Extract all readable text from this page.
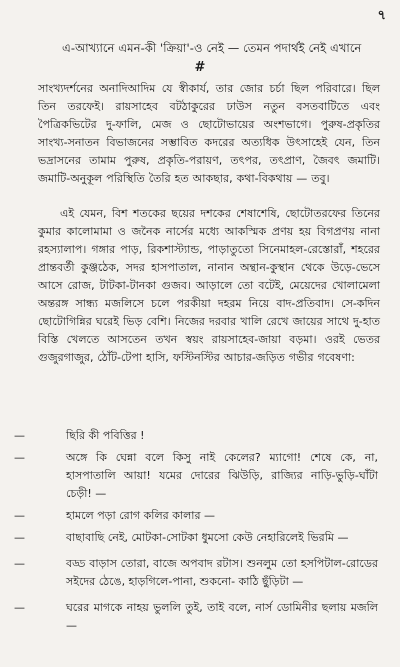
৭
এ-আখ্যানে এমন-কী 'ক্রিয়া'-ও নেই — তেমন পদার্থই নেই এখানে
#
সাংখ্যদর্শনের অনাদিআদিম যে স্বীকার্য, তার জোর চর্চা ছিল পরিবারে। ছিল তিন তরফেই। রায়সাহেব বটঠাকুরের ঢাউস নতুন বসতবাটিতে এবং পৈত্রিকভিটের দু-ফালি, মেজ ও ছোটোভায়ের অংশভাগে। পুরুষ-প্রকৃতির সাংখ্য-সনাতন বিভাজনের সম্ভাবিত কদরের অত্যধিক উৎসাহেই যেন, তিন ভদ্রাসনের তামাম পুরুষ, প্রকৃতি-পরায়ণ, তৎপর, তৎপ্রাণ, জৈবৎ জমাটি। জমাটি-অনুকূল পরিস্থিতি তৈরি হত আকছার, কথা-বিকথায় — তবু।
এই যেমন, বিশ শতকের ছয়ের দশকের শেষাশেষি, ছোটোতরফের তিনের কুমার কালোমামা ও জনৈক নার্সের মধ্যে আকস্মিক প্রণয় হয় বিগপ্রণয় নানা রহস্যালাপ। গঙ্গার পাড়, রিকশাস্ট্যান্ড, পাড়াতুতো সিনেমাহল-রেস্তোরাঁ, শহরের প্রান্তবর্তী কুঞ্জঠেক, সদর হাসপাতাল, নানান অন্থান-কুস্থান থেকে উড়ে-ভেসে আসে রোজ, টাটকা-টানকা গুজব। আড়ালে তো বটেই, মেয়েদের খোলামেলা অন্তরঙ্গ সান্ধ্য মজলিসে চলে পরকীয়া দহরম নিয়ে বাদ-প্রতিবাদ। সে-কদিন ছোটোগিন্নির ঘরেই ভিড় বেশি। নিজের দরবার খালি রেখে জায়ের সাথে দু-হাত বিস্তি খেলতে আসতেন তখন স্বয়ং রায়সাহেব-জায়া বড়মা। ওরই ভেতর গুজুরগাজুর, ঠোঁট-টেপা হাসি, ফস্টিনস্টির আচার-জড়িত গভীর গবেষণা:
—	ছিরি কী পবিত্তির !
—	অঙ্গে কি ঘেন্না বলে কিসু নাই কেলের? ম্যাগো! শেষে কে, না, হাসপাতালি আয়া! যমের দোরের ঝিউড়ি, রাজ্যির নাড়ি-ভুড়ি-ঘাঁটা চেড়ী! —
—	হামলে পড়া রোগ কলির কালার —
—	বাছাবাছি নেই, মোটকা-সোটকা ধুমসো কেউ নেহারিলেই ভিরমি —
—	বড্ড বাড়াস তোরা, বাজে অপবাদ রটাস। শুনলুম তো হসপিটাল-রোডের সইদের ঠেঙে, হাড়গিলে-পানা, শুকনো- কাঠি ছুঁড়িটা —
—	ঘরের মাগকে নাহয় ভুললি তুই, তাই বলে, নার্স ডোমিনীর ছলায় মজলি —
